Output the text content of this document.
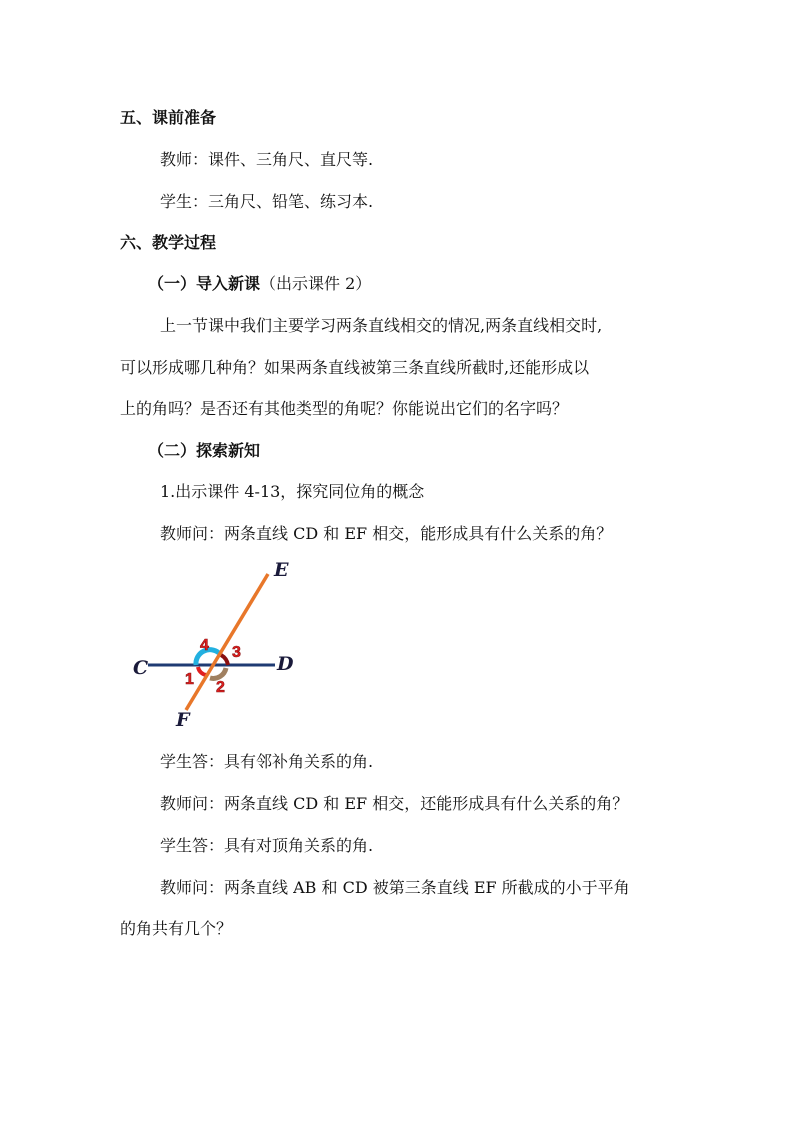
五、课前准备
教师：课件、三角尺、直尺等.
学生：三角尺、铅笔、练习本.
六、教学过程
（一）导入新课（出示课件 2）
上一节课中我们主要学习两条直线相交的情况,两条直线相交时,
可以形成哪几种角？如果两条直线被第三条直线所截时,还能形成以
上的角吗？是否还有其他类型的角呢？你能说出它们的名字吗？
（二）探索新知
1.出示课件 4-13，探究同位角的概念
教师问：两条直线 CD 和 EF 相交，能形成具有什么关系的角？
E
F
C	D
4 3
1 2
学生答：具有邻补角关系的角.
教师问：两条直线 CD 和 EF 相交，还能形成具有什么关系的角？
学生答：具有对顶角关系的角.
教师问：两条直线 AB 和 CD 被第三条直线 EF 所截成的小于平角
的角共有几个？
